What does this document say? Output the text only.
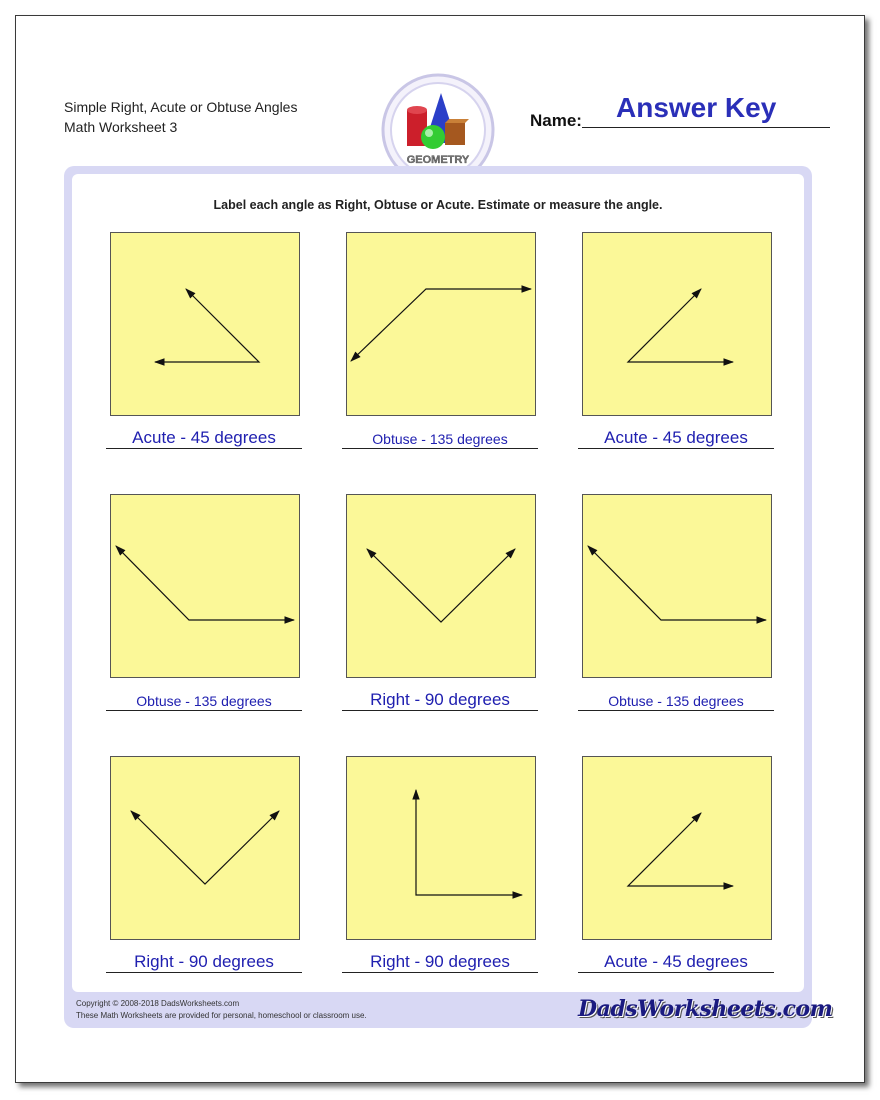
Simple Right, Acute or Obtuse Angles
Math Worksheet 3
GEOMETRY
Name: Answer Key
Label each angle as Right, Obtuse or Acute. Estimate or measure the angle.
Acute - 45 degrees	Obtuse - 135 degrees	Acute - 45 degrees
Obtuse - 135 degrees	Right - 90 degrees	Obtuse - 135 degrees
Right - 90 degrees	Right - 90 degrees	Acute - 45 degrees
Copyright © 2008-2018 DadsWorksheets.com
These Math Worksheets are provided for personal, homeschool or classroom use.	DadsWorksheets.com
